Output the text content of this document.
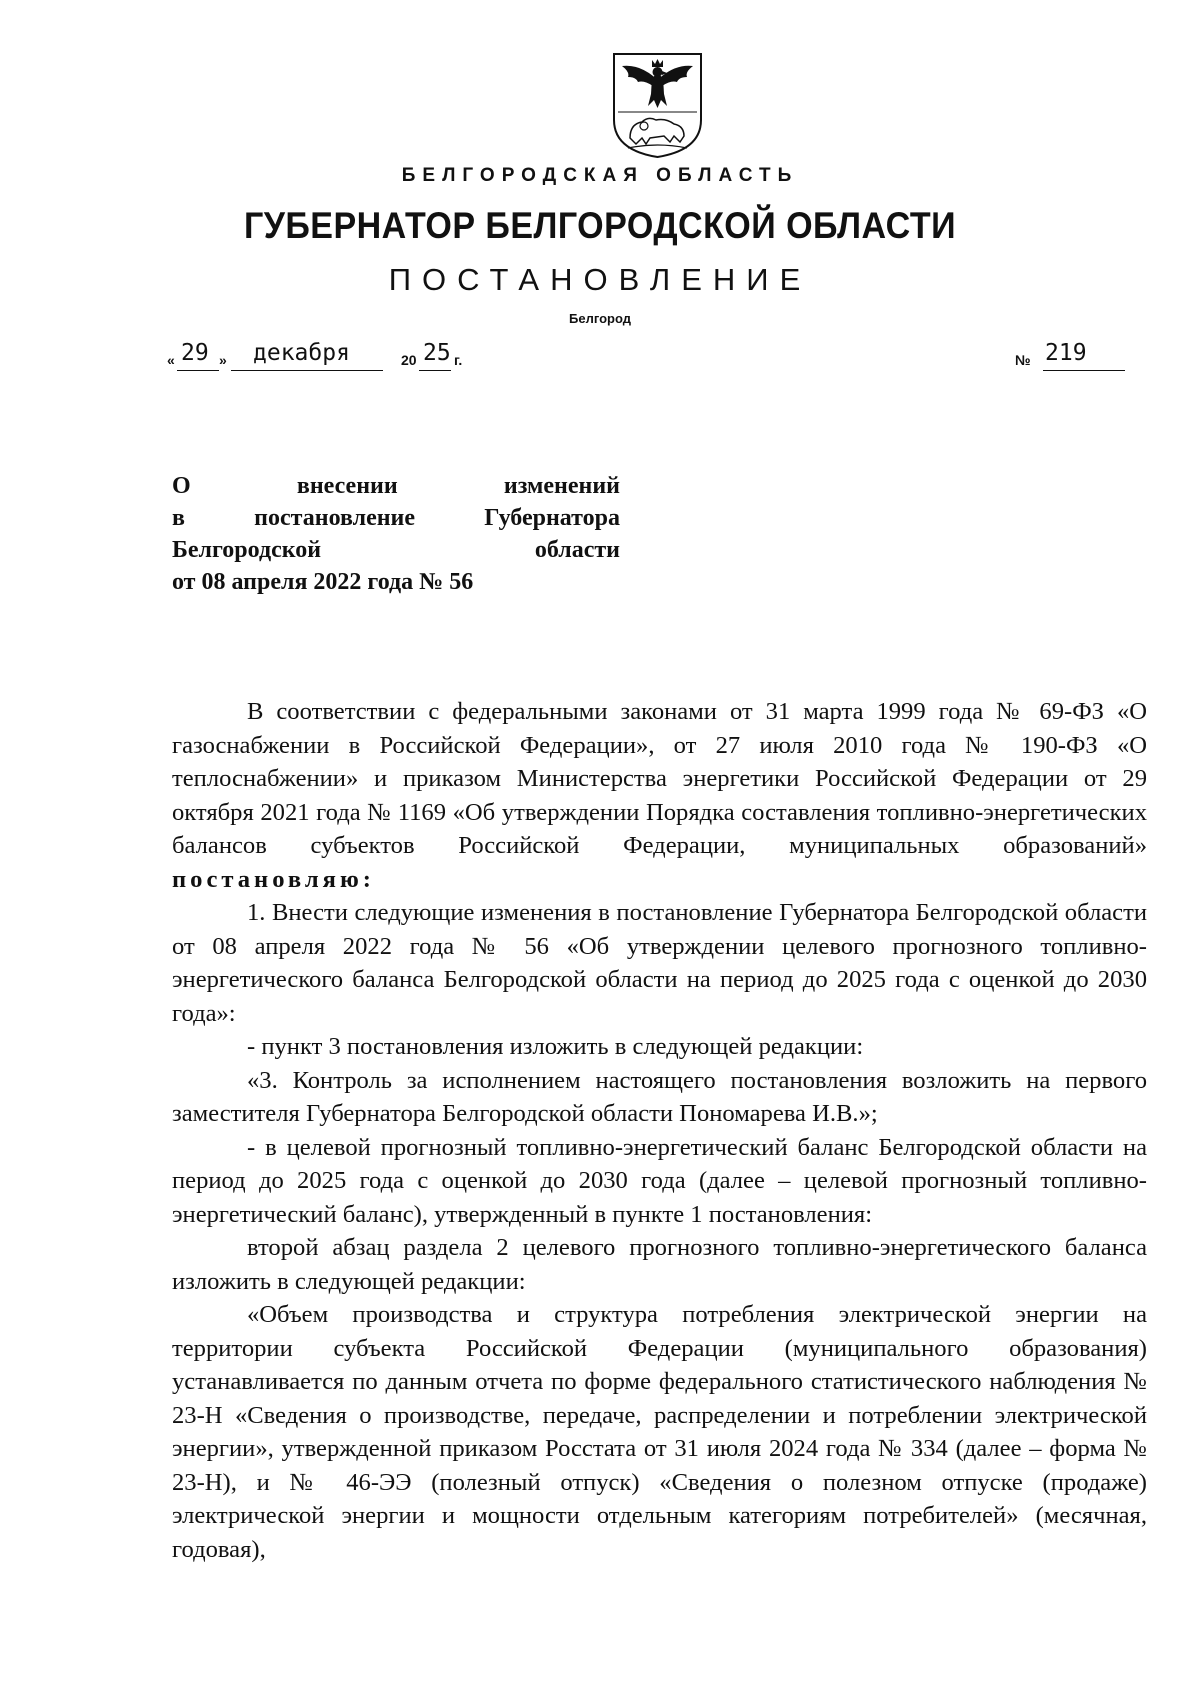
БЕЛГОРОДСКАЯ ОБЛАСТЬ
ГУБЕРНАТОР БЕЛГОРОДСКОЙ ОБЛАСТИ
ПОСТАНОВЛЕНИЕ
Белгород
« 29 » декабря	20 25 г.	№ 219
О	внесении	изменений
в	постановление	Губернатора
Белгородской	области
от 08 апреля 2022 года № 56

В соответствии с федеральными законами от 31 марта 1999 года № 69-ФЗ «О газоснабжении в Российской Федерации», от 27 июля 2010 года № 190-ФЗ «О теплоснабжении» и приказом Министерства энергетики Российской Федерации от 29 октября 2021 года № 1169 «Об утверждении Порядка составления топливно-энергетических балансов субъектов Российской Федерации, муниципальных образований» постановляю:

1. Внести следующие изменения в постановление Губернатора Белгородской области от 08 апреля 2022 года № 56 «Об утверждении целевого прогнозного топливно-энергетического баланса Белгородской области на период до 2025 года с оценкой до 2030 года»:

- пункт 3 постановления изложить в следующей редакции:

«3. Контроль за исполнением настоящего постановления возложить на первого заместителя Губернатора Белгородской области Пономарева И.В.»;

- в целевой прогнозный топливно-энергетический баланс Белгородской области на период до 2025 года с оценкой до 2030 года (далее – целевой прогнозный топливно-энергетический баланс), утвержденный в пункте 1 постановления:

второй абзац раздела 2 целевого прогнозного топливно-энергетического баланса изложить в следующей редакции:

«Объем производства и структура потребления электрической энергии на территории субъекта Российской Федерации (муниципального образования) устанавливается по данным отчета по форме федерального статистического наблюдения № 23-Н «Сведения о производстве, передаче, распределении и потреблении электрической энергии», утвержденной приказом Росстата от 31 июля 2024 года № 334 (далее – форма № 23-Н), и № 46-ЭЭ (полезный отпуск) «Сведения о полезном отпуске (продаже) электрической энергии и мощности отдельным категориям потребителей» (месячная, годовая),
